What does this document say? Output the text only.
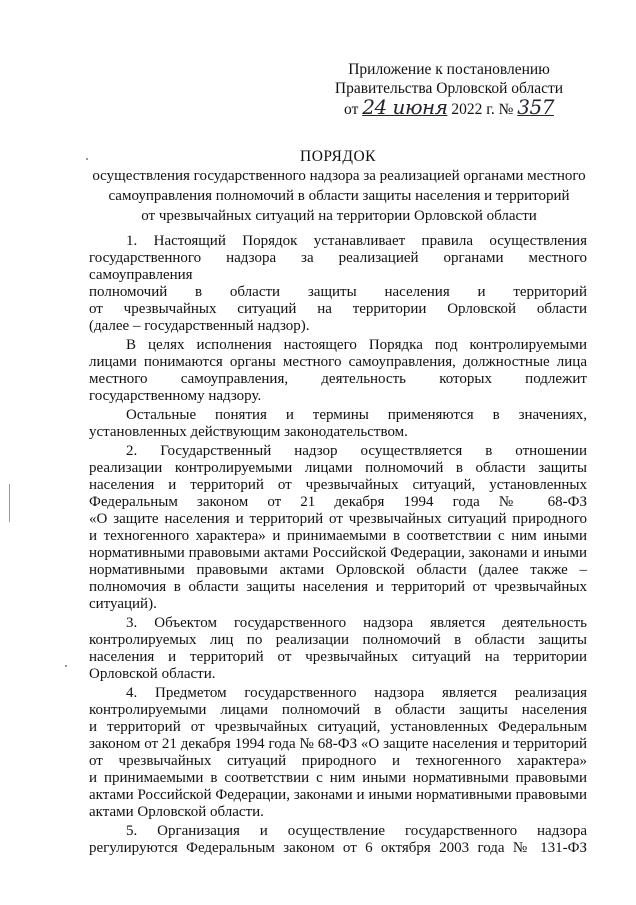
Приложение к постановлению
Правительства Орловской области
от 24 июня 2022 г. № 357
ПОРЯДОК
осуществления государственного надзора за реализацией органами местного
самоуправления полномочий в области защиты населения и территорий
от чрезвычайных ситуаций на территории Орловской области
1. Настоящий Порядок устанавливает правила осуществления
государственного надзора за реализацией органами местного самоуправления
полномочий в области защиты населения и территорий
от чрезвычайных ситуаций на территории Орловской области
(далее – государственный надзор).
В целях исполнения настоящего Порядка под контролируемыми
лицами понимаются органы местного самоуправления, должностные лица
местного самоуправления, деятельность которых подлежит
государственному надзору.
Остальные понятия и термины применяются в значениях,
установленных действующим законодательством.
2. Государственный надзор осуществляется в отношении
реализации контролируемыми лицами полномочий в области защиты
населения и территорий от чрезвычайных ситуаций, установленных
Федеральным законом от 21 декабря 1994 года № 68-ФЗ
«О защите населения и территорий от чрезвычайных ситуаций природного
и техногенного характера» и принимаемыми в соответствии с ним иными
нормативными правовыми актами Российской Федерации, законами и иными
нормативными правовыми актами Орловской области (далее также –
полномочия в области защиты населения и территорий от чрезвычайных
ситуаций).
3. Объектом государственного надзора является деятельность
контролируемых лиц по реализации полномочий в области защиты
населения и территорий от чрезвычайных ситуаций на территории
Орловской области.
4. Предметом государственного надзора является реализация
контролируемыми лицами полномочий в области защиты населения
и территорий от чрезвычайных ситуаций, установленных Федеральным
законом от 21 декабря 1994 года № 68-ФЗ «О защите населения и территорий
от чрезвычайных ситуаций природного и техногенного характера»
и принимаемыми в соответствии с ним иными нормативными правовыми
актами Российской Федерации, законами и иными нормативными правовыми
актами Орловской области.
5. Организация и осуществление государственного надзора
регулируются Федеральным законом от 6 октября 2003 года № 131-ФЗ
